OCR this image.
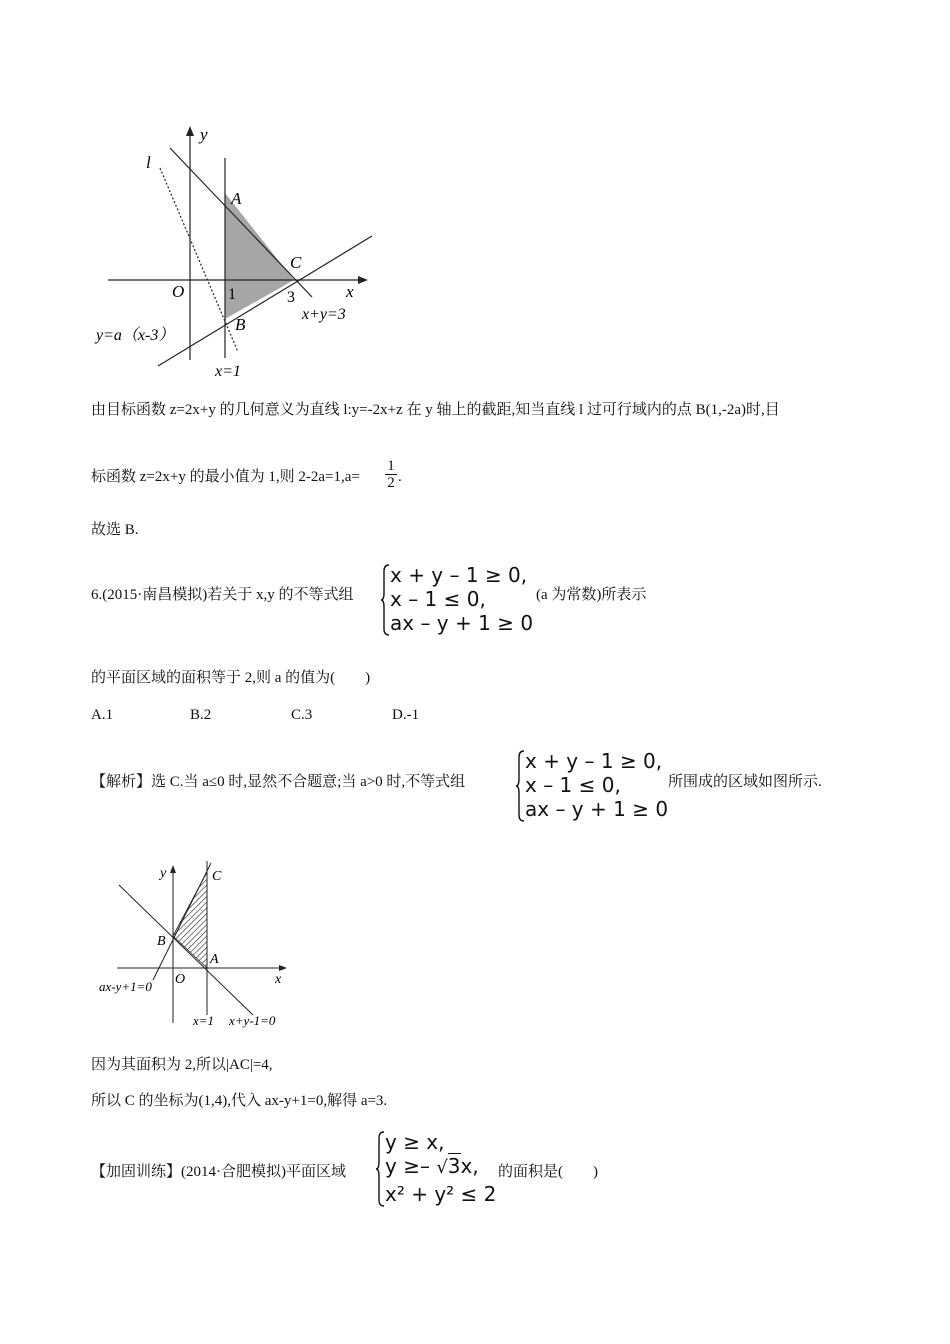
y
l
A
C
O	1	3	x
B
x+y=3
y=a（x-3）
x=1
由目标函数 z=2x+y 的几何意义为直线 l:y=-2x+z 在 y 轴上的截距,知当直线 l 过可行域内的点 B(1,-2a)时,目
标函数 z=2x+y 的最小值为 1,则 $2-2a=1,a= \frac{1}{2}$ .
故选 B.
6.(2015·南昌模拟)若关于 x,y 的不等式组
x + y – 1 ≥ 0,
x – 1 ≤ 0,
ax – y + 1 ≥ 0
(a 为常数)所表示
的平面区域的面积等于 2,则 a 的值为(　　)
A.1	B.2	C.3	D.-1
【解析】选 C.当 a≤0 时,显然不合题意;当 a>0 时,不等式组
x + y – 1 ≥ 0,
x – 1 ≤ 0,
ax – y + 1 ≥ 0
所围成的区域如图所示.
y	C
B
A
O	x
ax-y+1=0
x=1 x+y-1=0
因为其面积为 2,所以|AC|=4,
所以 C 的坐标为(1,4),代入 ax-y+1=0,解得 a=3.
【加固训练】(2014·合肥模拟)平面区域
y ≥ x,
y ≥– √3x,
x² + y² ≤ 2
的面积是(　　)
